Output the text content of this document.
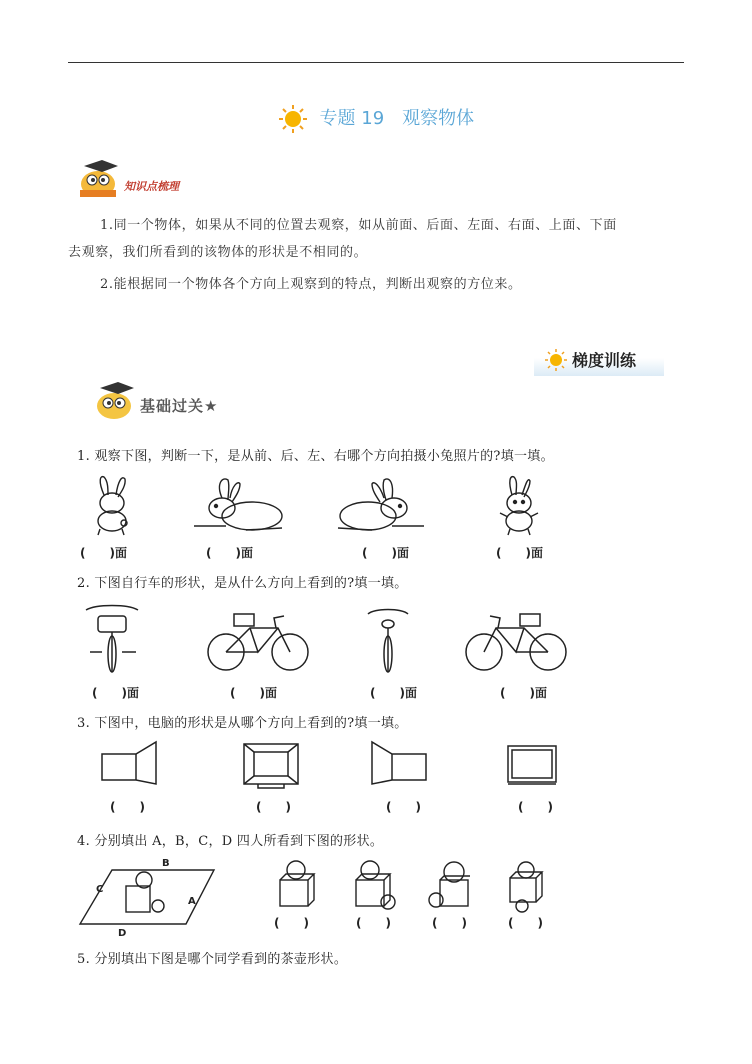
专题 19　观察物体
知识点梳理
1.同一个物体，如果从不同的位置去观察，如从前面、后面、左面、右面、上面、下面
去观察，我们所看到的该物体的形状是不相同的。
2.能根据同一个物体各个方向上观察到的特点，判断出观察的方位来。
梯度训练
基础过关★
1. 观察下图，判断一下，是从前、后、左、右哪个方向拍摄小兔照片的?填一填。
(　　)面	(　　)面	(　　)面	(　　)面
2. 下图自行车的形状，是从什么方向上看到的?填一填。
(　　)面	(　　)面	(　　)面	(　　)面
3. 下图中，电脑的形状是从哪个方向上看到的?填一填。
(　　)	(　　)	(　　)	(　　)
4. 分别填出 A，B，C，D 四人所看到下图的形状。
B
C
A
D
(　　)	(　　)	(　　)	(　　)
5. 分别填出下图是哪个同学看到的茶壶形状。
